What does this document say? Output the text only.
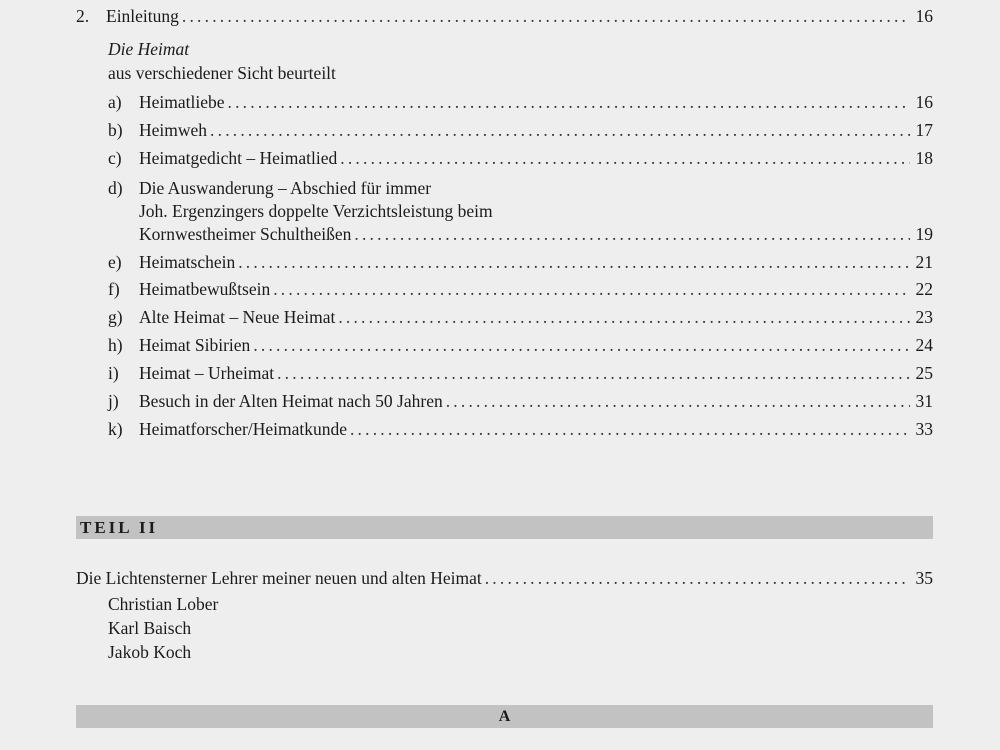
2. Einleitung .....	16
Die Heimat
aus verschiedener Sicht beurteilt
a) Heimatliebe .....	16
b) Heimweh .....	17
c) Heimatgedicht – Heimatlied .....	18
d) Die Auswanderung – Abschied für immer
Joh. Ergenzingers doppelte Verzichtsleistung beim
Kornwestheimer Schultheißen .....	19
e) Heimatschein .....	21
f)	Heimatbewußtsein .....	22
g) Alte Heimat – Neue Heimat .....	23
h) Heimat Sibirien .....	24
i)	Heimat – Urheimat .....	25
j)	Besuch in der Alten Heimat nach 50 Jahren .....	31
k) Heimatforscher/Heimatkunde .....	33
TEIL II
Die Lichtensterner Lehrer meiner neuen und alten Heimat .....	35
Christian Lober
Karl Baisch
Jakob Koch
A
